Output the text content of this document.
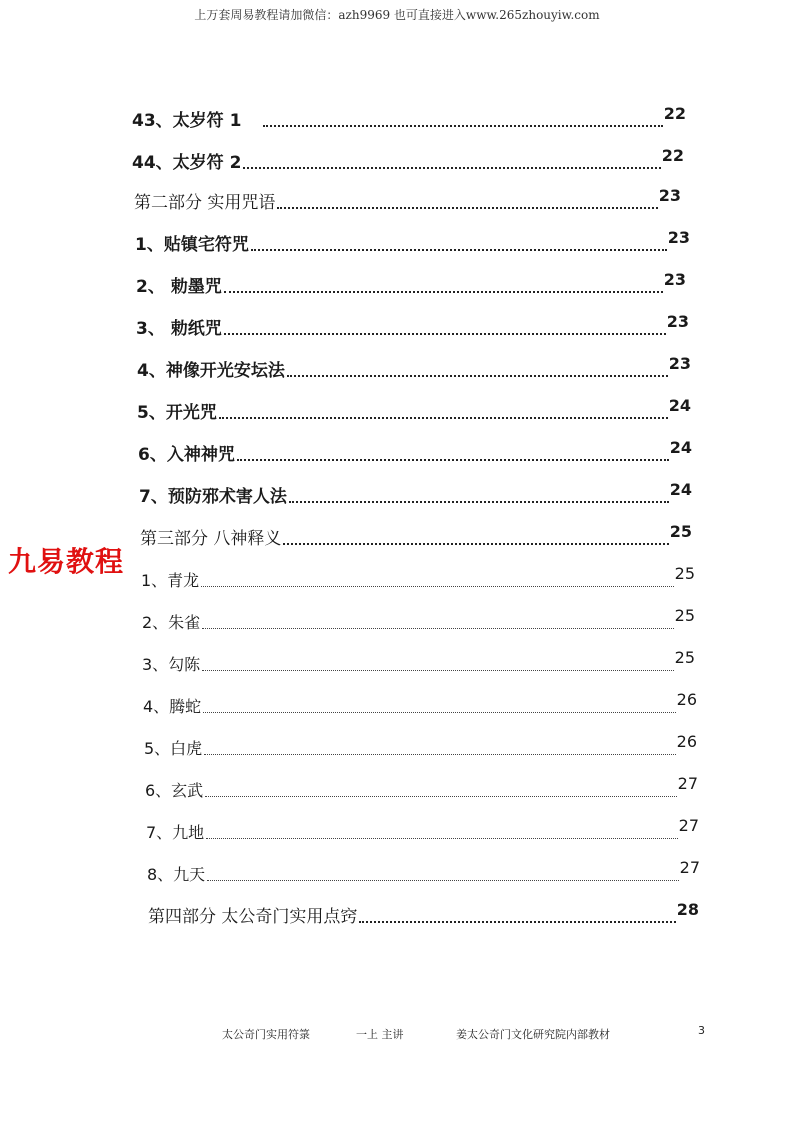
上万套周易教程请加微信：azh9969 也可直接进入www.265zhouyiw.com
九易教程
43、太岁符 1	22
44、太岁符 2	22
第二部分 实用咒语	23
1、贴镇宅符咒	23
2、 勅墨咒	23
3、 勅纸咒	23
4、神像开光安坛法	23
5、开光咒	24
6、入神神咒	24
7、预防邪术害人法	24
第三部分 八神释义	25
1、青龙	25
2、朱雀	25
3、勾陈	25
4、腾蛇	26
5、白虎	26
6、玄武	27
7、九地	27
8、九天	27
第四部分 太公奇门实用点窍	28
太公奇门实用符箓	一上 主讲	姜太公奇门文化研究院内部教材	3
